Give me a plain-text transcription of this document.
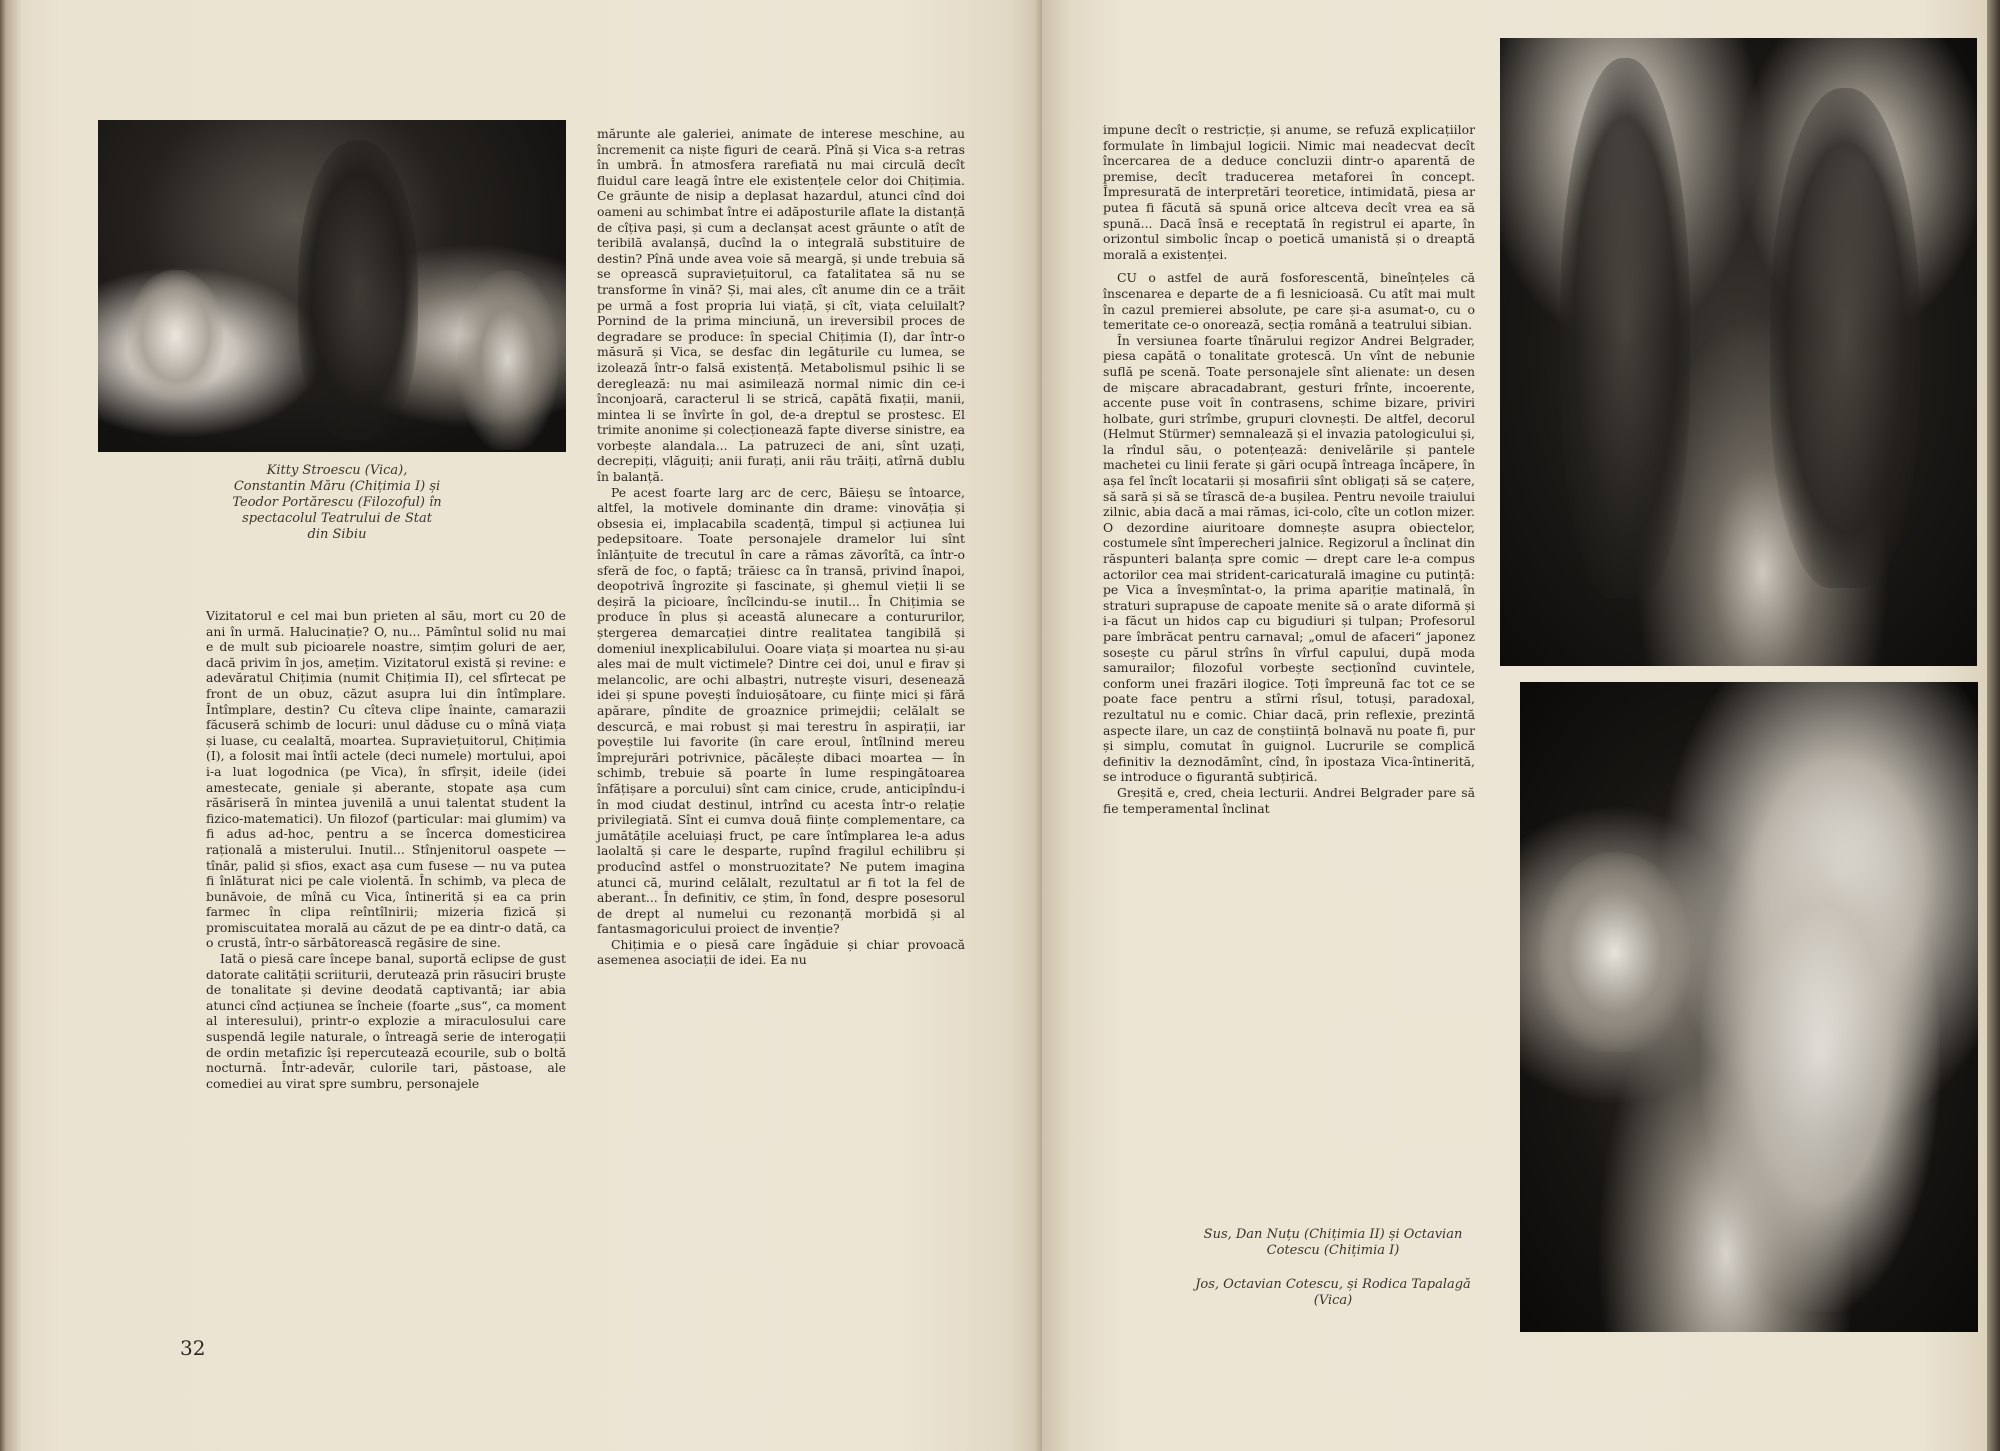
Kitty Stroescu (Vica), Constantin Măru (Chițimia I) și Teodor Portărescu (Filozoful) în spectacolul Teatrului de Stat din Sibiu

Vizitatorul e cel mai bun prieten al său, mort cu 20 de ani în urmă. Halucinație? O, nu... Pămîntul solid nu mai e de mult sub picioarele noastre, simțim goluri de aer, dacă privim în jos, amețim. Vizitatorul există și revine: e adevăratul Chițimia (numit Chițimia II), cel sfîrtecat pe front de un obuz, căzut asupra lui din întîmplare. Întîmplare, destin? Cu cîteva clipe înainte, camarazii făcuseră schimb de locuri: unul dăduse cu o mînă viața și luase, cu cealaltă, moartea. Supraviețuitorul, Chițimia (I), a folosit mai întîi actele (deci numele) mortului, apoi i-a luat logodnica (pe Vica), în sfîrșit, ideile (idei amestecate, geniale și aberante, stopate așa cum răsăriseră în mintea juvenilă a unui talentat student la fizico-matematici). Un filozof (particular: mai glumim) va fi adus ad-hoc, pentru a se încerca domesticirea rațională a misterului. Inutil... Stînjenitorul oaspete — tînăr, palid și sfios, exact așa cum fusese — nu va putea fi înlăturat nici pe cale violentă. În schimb, va pleca de bunăvoie, de mînă cu Vica, întinerită și ea ca prin farmec în clipa reîntîlnirii; mizeria fizică și promiscuitatea morală au căzut de pe ea dintr-o dată, ca o crustă, într-o sărbătorească regăsire de sine.

Iată o piesă care începe banal, suportă eclipse de gust datorate calității scriiturii, derutează prin răsuciri bruște de tonalitate și devine deodată captivantă; iar abia atunci cînd acțiunea se încheie (foarte „sus“, ca moment al interesului), printr-o explozie a miraculosului care suspendă legile naturale, o întreagă serie de interogații de ordin metafizic își repercutează ecourile, sub o boltă nocturnă. Într-adevăr, culorile tari, păstoase, ale comediei au virat spre sumbru, personajele

mărunte ale galeriei, animate de interese meschine, au încremenit ca niște figuri de ceară. Pînă și Vica s-a retras în umbră. În atmosfera rarefiată nu mai circulă decît fluidul care leagă între ele existențele celor doi Chițimia. Ce grăunte de nisip a deplasat hazardul, atunci cînd doi oameni au schimbat între ei adăposturile aflate la distanță de cîțiva pași, și cum a declanșat acest grăunte o atît de teribilă avalanșă, ducînd la o integrală substituire de destin? Pînă unde avea voie să meargă, și unde trebuia să se oprească supraviețuitorul, ca fatalitatea să nu se transforme în vină? Și, mai ales, cît anume din ce a trăit pe urmă a fost propria lui viață, și cît, viața celuilalt? Pornind de la prima minciună, un ireversibil proces de degradare se produce: în special Chițimia (I), dar într-o măsură și Vica, se desfac din legăturile cu lumea, se izolează într-o falsă existență. Metabolismul psihic li se dereglează: nu mai asimilează normal nimic din ce-i înconjoară, caracterul li se strică, capătă fixații, manii, mintea li se învîrte în gol, de-a dreptul se prostesc. El trimite anonime și colecționează fapte diverse sinistre, ea vorbește alandala... La patruzeci de ani, sînt uzați, decrepiți, vlăguiți; anii furați, anii rău trăiți, atîrnă dublu în balanță.

Pe acest foarte larg arc de cerc, Băieșu se întoarce, altfel, la motivele dominante din drame: vinovăția și obsesia ei, implacabila scadență, timpul și acțiunea lui pedepsitoare. Toate personajele dramelor lui sînt înlănțuite de trecutul în care a rămas zăvorîtă, ca într-o sferă de foc, o faptă; trăiesc ca în transă, privind înapoi, deopotrivă îngrozite și fascinate, și ghemul vieții li se deșiră la picioare, încîlcindu-se inutil... În Chițimia se produce în plus și această alunecare a contururilor, ștergerea demarcației dintre realitatea tangibilă și domeniul inexplicabilului. Ooare viața și moartea nu și-au ales mai de mult victimele? Dintre cei doi, unul e firav și melancolic, are ochi albaștri, nutrește visuri, desenează idei și spune povești înduioșătoare, cu ființe mici și fără apărare, pîndite de groaznice primejdii; celălalt se descurcă, e mai robust și mai terestru în aspirații, iar poveștile lui favorite (în care eroul, întîlnind mereu împrejurări potrivnice, păcălește dibaci moartea — în schimb, trebuie să poarte în lume respingătoarea înfățișare a porcului) sînt cam cinice, crude, anticipîndu-i în mod ciudat destinul, intrînd cu acesta într-o relație privilegiată. Sînt ei cumva două ființe complementare, ca jumătățile aceluiași fruct, pe care întîmplarea le-a adus laolaltă și care le desparte, rupînd fragilul echilibru și producînd astfel o monstruozitate? Ne putem imagina atunci că, murind celălalt, rezultatul ar fi tot la fel de aberant... În definitiv, ce știm, în fond, despre posesorul de drept al numelui cu rezonanță morbidă și al fantasmagoricului proiect de invenție?

Chițimia e o piesă care îngăduie și chiar provoacă asemenea asociații de idei. Ea nu

32

impune decît o restricție, și anume, se refuză explicațiilor formulate în limbajul logicii. Nimic mai neadecvat decît încercarea de a deduce concluzii dintr-o aparentă de premise, decît traducerea metaforei în concept. Împresurată de interpretări teoretice, intimidată, piesa ar putea fi făcută să spună orice altceva decît vrea ea să spună... Dacă însă e receptată în registrul ei aparte, în orizontul simbolic încap o poetică umanistă și o dreaptă morală a existenței.

CU o astfel de aură fosforescentă, bineînțeles că înscenarea e departe de a fi lesnicioasă. Cu atît mai mult în cazul premierei absolute, pe care și-a asumat-o, cu o temeritate ce-o onorează, secția română a teatrului sibian.

În versiunea foarte tînărului regizor Andrei Belgrader, piesa capătă o tonalitate grotescă. Un vînt de nebunie suflă pe scenă. Toate personajele sînt alienate: un desen de mișcare abracadabrant, gesturi frînte, incoerente, accente puse voit în contrasens, schime bizare, priviri holbate, guri strîmbe, grupuri clovnești. De altfel, decorul (Helmut Stürmer) semnalează și el invazia patologicului și, la rîndul său, o potențează: denivelările și pantele machetei cu linii ferate și gări ocupă întreaga încăpere, în așa fel încît locatarii și mosafirii sînt obligați să se cațere, să sară și să se tîrască de-a bușilea. Pentru nevoile traiului zilnic, abia dacă a mai rămas, ici-colo, cîte un cotlon mizer. O dezordine aiuritoare domnește asupra obiectelor, costumele sînt împerecheri jalnice. Regizorul a înclinat din răspunteri balanța spre comic — drept care le-a compus actorilor cea mai strident-caricaturală imagine cu putință: pe Vica a înveșmîntat-o, la prima apariție matinală, în straturi suprapuse de capoate menite să o arate diformă și i-a făcut un hidos cap cu bigudiuri și tulpan; Profesorul pare îmbrăcat pentru carnaval; „omul de afaceri“ japonez sosește cu părul strîns în vîrful capului, după moda samurailor; filozoful vorbește secționînd cuvintele, conform unei frazări ilogice. Toți împreună fac tot ce se poate face pentru a stîrni rîsul, totuși, paradoxal, rezultatul nu e comic. Chiar dacă, prin reflexie, prezintă aspecte ilare, un caz de conștiință bolnavă nu poate fi, pur și simplu, comutat în guignol. Lucrurile se complică definitiv la deznodămînt, cînd, în ipostaza Vica-întinerită, se introduce o figurantă subțirică.

Greșită e, cred, cheia lecturii. Andrei Belgrader pare să fie temperamental înclinat

Sus, Dan Nuțu (Chițimia II) și Octavian Cotescu (Chițimia I)

Jos, Octavian Cotescu, și Rodica Tapalagă (Vica)
